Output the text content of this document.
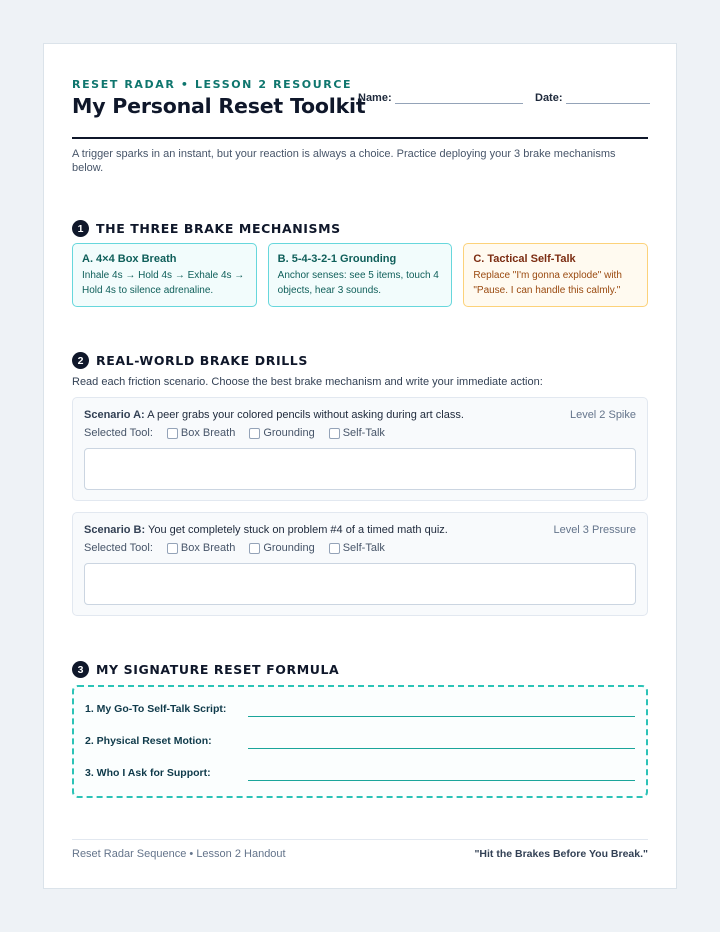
RESET RADAR • LESSON 2 RESOURCE
My Personal Reset Toolkit
Name:	Date:
A trigger sparks in an instant, but your reaction is always a choice. Practice deploying your 3 brake mechanisms below.
1	THE THREE BRAKE MECHANISMS
A. 4×4 Box Breath
Inhale 4s → Hold 4s → Exhale 4s → Hold 4s to silence adrenaline.
B. 5-4-3-2-1 Grounding
Anchor senses: see 5 items, touch 4 objects, hear 3 sounds.
C. Tactical Self-Talk
Replace "I'm gonna explode" with "Pause. I can handle this calmly."
2	REAL-WORLD BRAKE DRILLS
Read each friction scenario. Choose the best brake mechanism and write your immediate action:
Scenario A: A peer grabs your colored pencils without asking during art class.	Level 2 Spike
Selected Tool:	Box Breath	Grounding	Self-Talk
Scenario B: You get completely stuck on problem #4 of a timed math quiz.	Level 3 Pressure
Selected Tool:	Box Breath	Grounding	Self-Talk
3	MY SIGNATURE RESET FORMULA
1. My Go-To Self-Talk Script:
2. Physical Reset Motion:
3. Who I Ask for Support:
Reset Radar Sequence • Lesson 2 Handout	"Hit the Brakes Before You Break."
